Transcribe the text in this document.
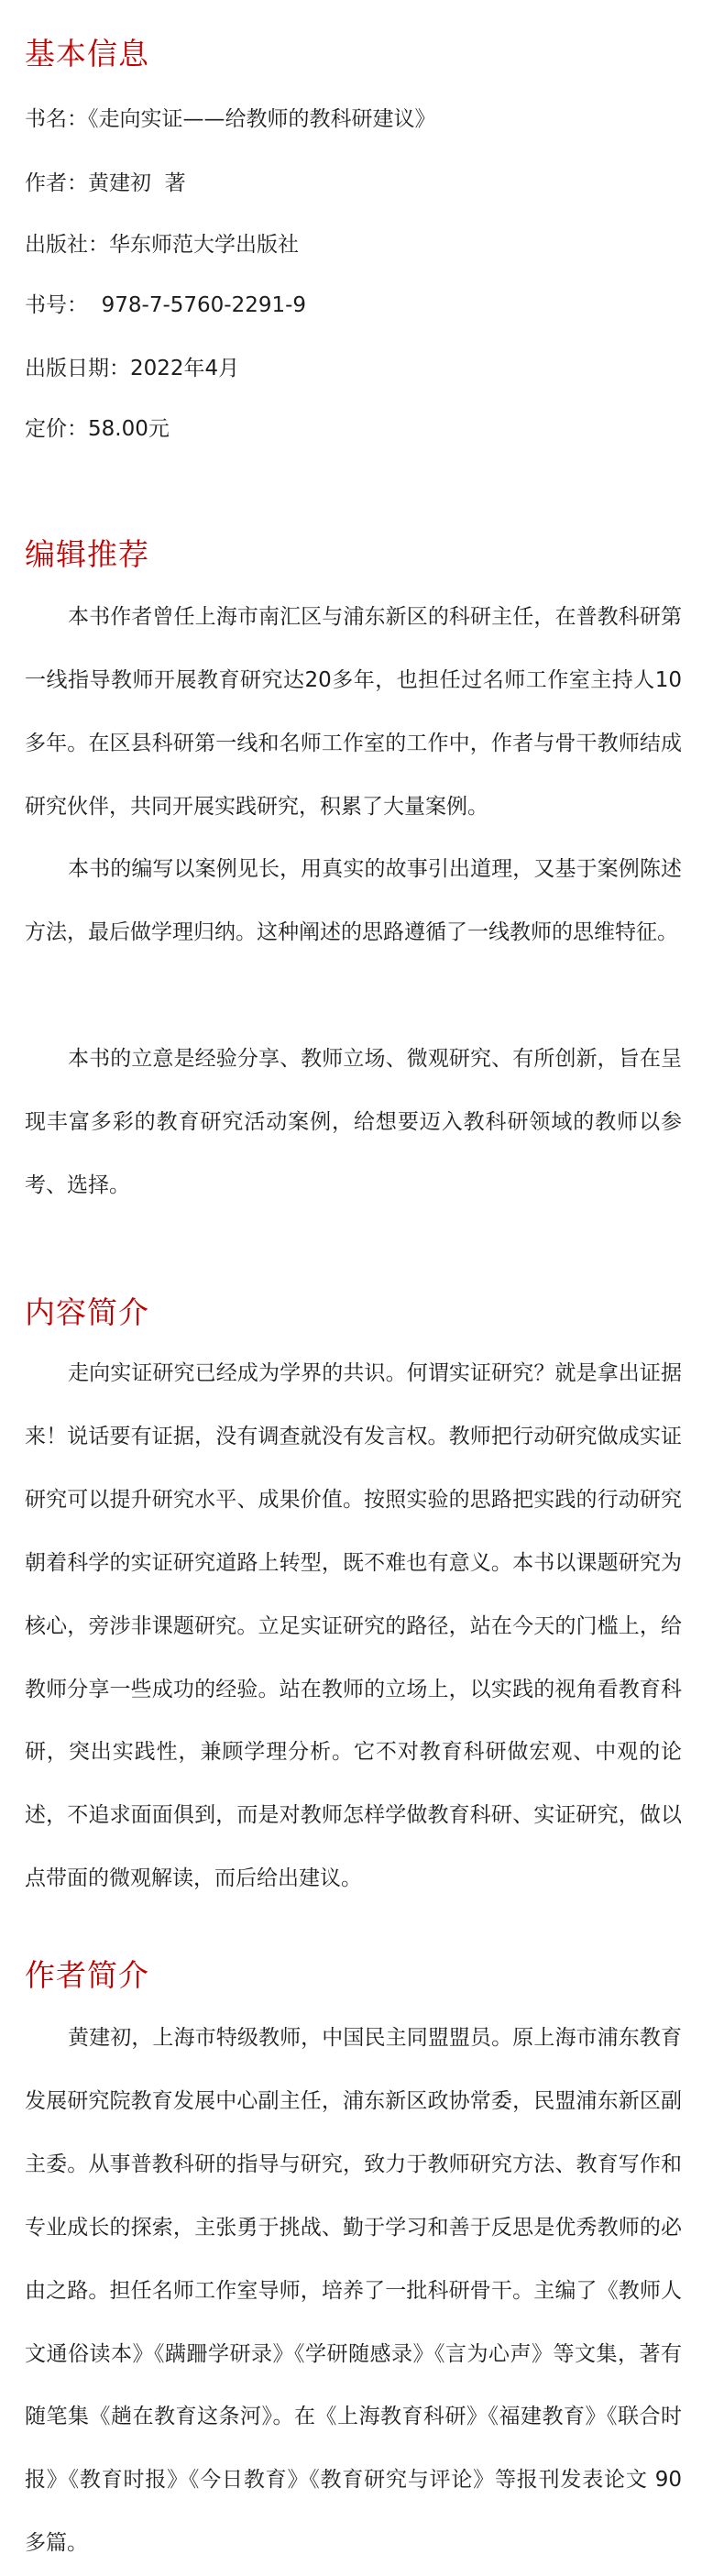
基本信息
书名：《走向实证——给教师的教科研建议》
作者：黄建初  著
出版社：华东师范大学出版社
书号：  978-7-5760-2291-9
出版日期：2022年4月
定价：58.00元
编辑推荐

本书作者曾任上海市南汇区与浦东新区的科研主任，在普教科研第一线指导教师开展教育研究达20多年，也担任过名师工作室主持人10多年。在区县科研第一线和名师工作室的工作中，作者与骨干教师结成研究伙伴，共同开展实践研究，积累了大量案例。

本书的编写以案例见长，用真实的故事引出道理，又基于案例陈述方法，最后做学理归纳。这种阐述的思路遵循了一线教师的思维特征。

本书的立意是经验分享、教师立场、微观研究、有所创新，旨在呈现丰富多彩的教育研究活动案例，给想要迈入教科研领域的教师以参考、选择。

内容简介

走向实证研究已经成为学界的共识。何谓实证研究？就是拿出证据来！说话要有证据，没有调查就没有发言权。教师把行动研究做成实证研究可以提升研究水平、成果价值。按照实验的思路把实践的行动研究朝着科学的实证研究道路上转型，既不难也有意义。本书以课题研究为核心，旁涉非课题研究。立足实证研究的路径，站在今天的门槛上，给教师分享一些成功的经验。站在教师的立场上，以实践的视角看教育科研，突出实践性，兼顾学理分析。它不对教育科研做宏观、中观的论述，不追求面面俱到，而是对教师怎样学做教育科研、实证研究，做以点带面的微观解读，而后给出建议。

作者简介

黄建初，上海市特级教师，中国民主同盟盟员。原上海市浦东教育发展研究院教育发展中心副主任，浦东新区政协常委，民盟浦东新区副主委。从事普教科研的指导与研究，致力于教师研究方法、教育写作和专业成长的探索，主张勇于挑战、勤于学习和善于反思是优秀教师的必由之路。担任名师工作室导师，培养了一批科研骨干。主编了《教师人文通俗读本》《蹒跚学研录》《学研随感录》《言为心声》等文集，著有随笔集《趟在教育这条河》。在《上海教育科研》《福建教育》《联合时报》《教育时报》《今日教育》《教育研究与评论》等报刊发表论文 90 多篇。
